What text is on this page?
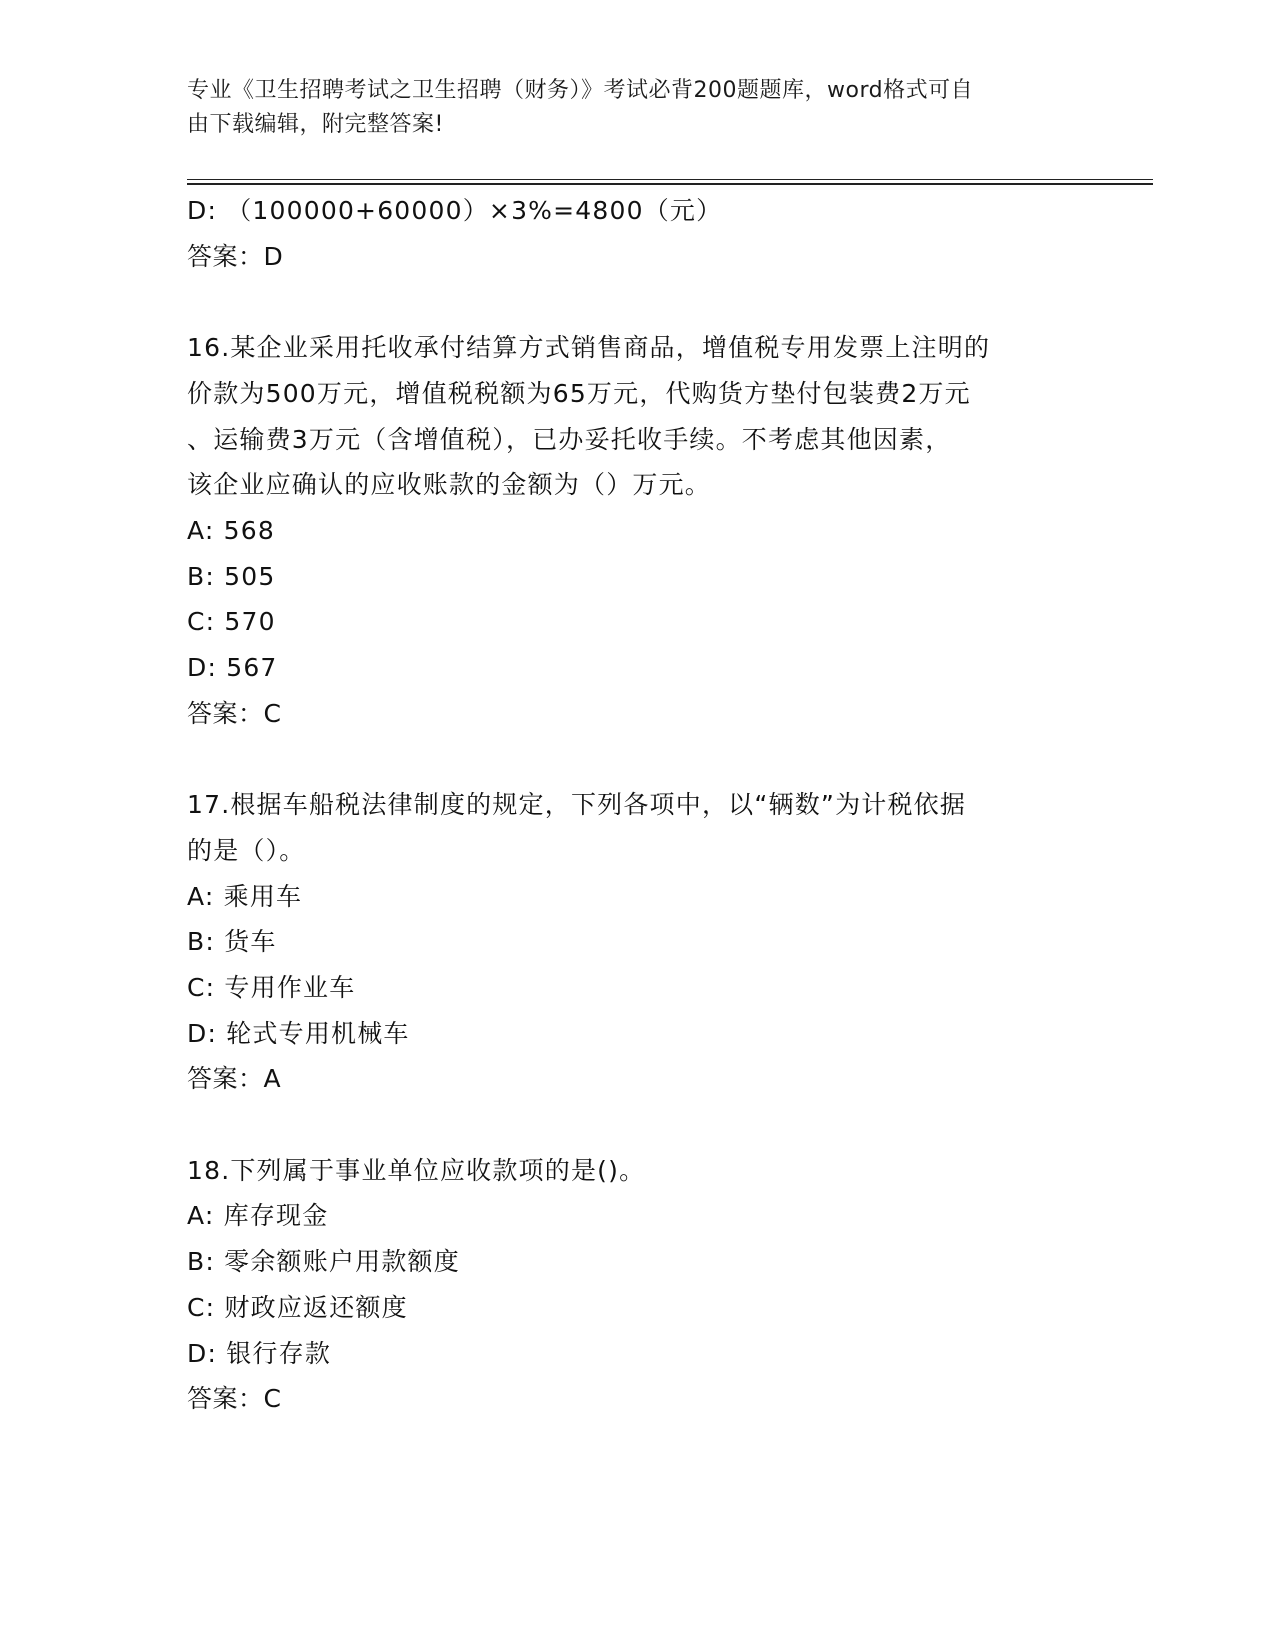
专业《卫生招聘考试之卫生招聘（财务）》考试必背200题题库，word格式可自
由下载编辑，附完整答案!
D: （100000+60000）×3%=4800（元）
答案：D
16.某企业采用托收承付结算方式销售商品，增值税专用发票上注明的
价款为500万元，增值税税额为65万元，代购货方垫付包装费2万元
、运输费3万元（含增值税），已办妥托收手续。不考虑其他因素，
该企业应确认的应收账款的金额为（）万元。
A: 568
B: 505
C: 570
D: 567
答案：C
17.根据车船税法律制度的规定，下列各项中，以“辆数”为计税依据
的是（）。
A: 乘用车
B: 货车
C: 专用作业车
D: 轮式专用机械车
答案：A
18.下列属于事业单位应收款项的是()。
A: 库存现金
B: 零余额账户用款额度
C: 财政应返还额度
D: 银行存款
答案：C
